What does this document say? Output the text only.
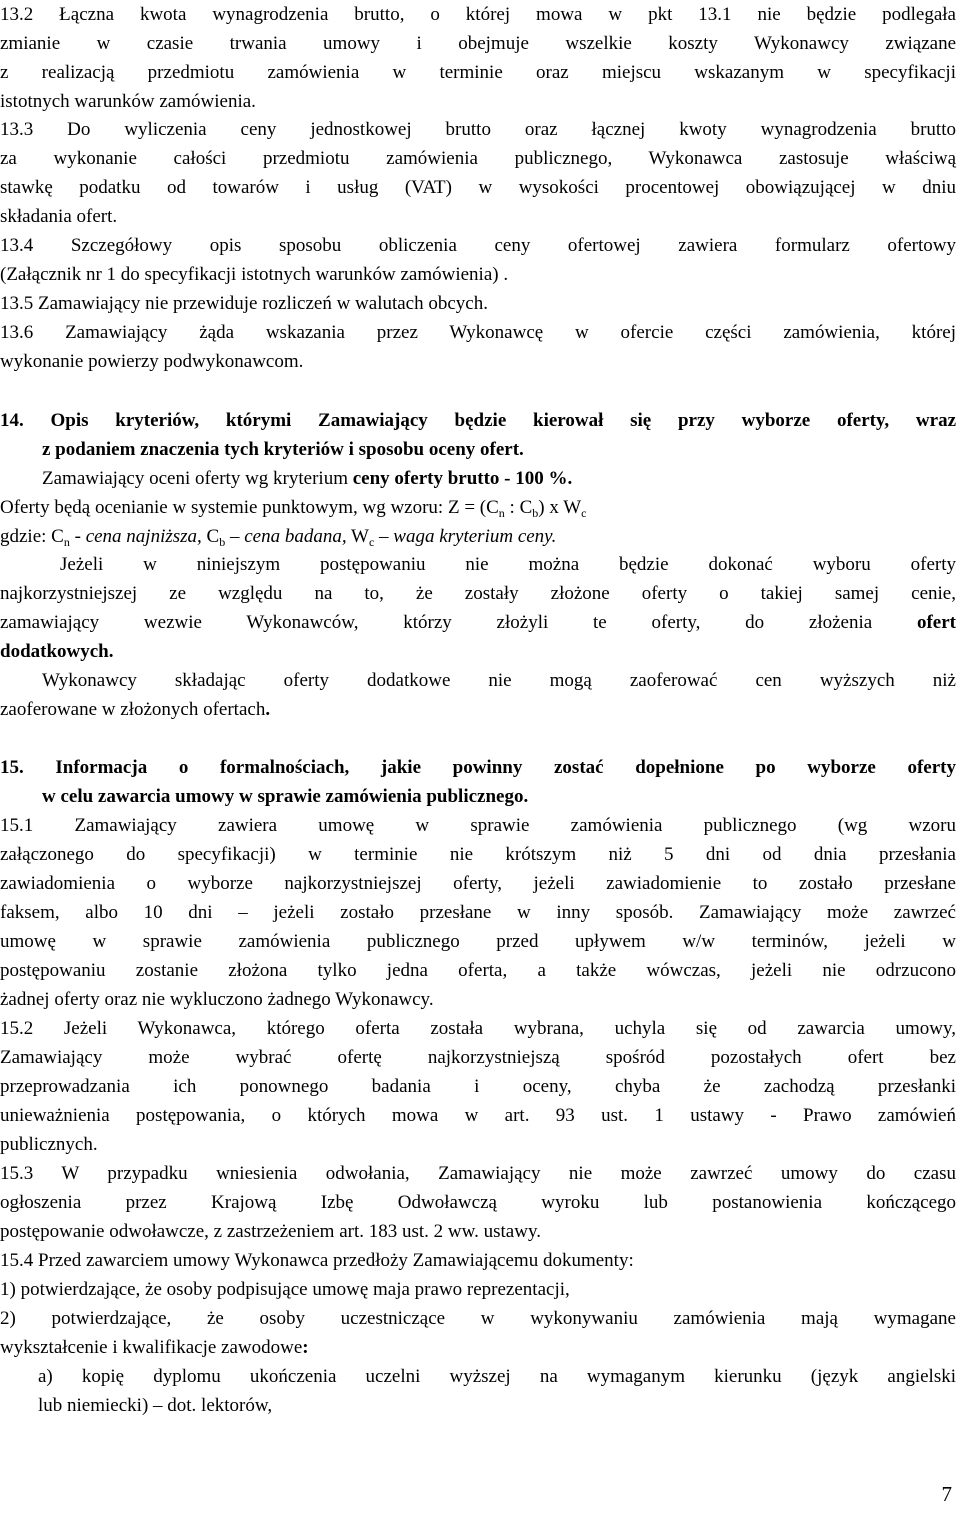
13.2 Łączna kwota wynagrodzenia brutto, o której mowa w pkt 13.1 nie będzie podlegała
zmianie w czasie trwania umowy i obejmuje wszelkie koszty Wykonawcy związane
z realizacją przedmiotu zamówienia w terminie oraz miejscu wskazanym w specyfikacji
istotnych warunków zamówienia.
13.3 Do wyliczenia ceny jednostkowej brutto oraz łącznej kwoty wynagrodzenia brutto
za wykonanie całości przedmiotu zamówienia publicznego, Wykonawca zastosuje właściwą
stawkę podatku od towarów i usług (VAT) w wysokości procentowej obowiązującej w dniu
składania ofert.
13.4 Szczegółowy opis sposobu obliczenia ceny ofertowej zawiera formularz ofertowy
(Załącznik nr 1 do specyfikacji istotnych warunków zamówienia) .
13.5 Zamawiający nie przewiduje rozliczeń w walutach obcych.
13.6 Zamawiający żąda wskazania przez Wykonawcę w ofercie części zamówienia, której
wykonanie powierzy podwykonawcom.
14. Opis kryteriów, którymi Zamawiający będzie kierował się przy wyborze oferty, wraz
z podaniem znaczenia tych kryteriów i sposobu oceny ofert.
Zamawiający oceni oferty wg kryterium ceny oferty brutto - 100 %.
Oferty będą ocenianie w systemie punktowym, wg wzoru: $Z = (C_n$ : $C_b$) x $W_c$
gdzie: $C_n$ - cena najniższa, $C_b$ – cena badana, $W_c$ – waga kryterium ceny.
Jeżeli w niniejszym postępowaniu nie można będzie dokonać wyboru oferty
najkorzystniejszej ze względu na to, że zostały złożone oferty o takiej samej cenie,
zamawiający wezwie Wykonawców, którzy złożyli te oferty, do złożenia ofert
dodatkowych.
Wykonawcy składając oferty dodatkowe nie mogą zaoferować cen wyższych niż
zaoferowane w złożonych ofertach.
15. Informacja o formalnościach, jakie powinny zostać dopełnione po wyborze oferty
w celu zawarcia umowy w sprawie zamówienia publicznego.
15.1 Zamawiający zawiera umowę w sprawie zamówienia publicznego (wg wzoru
załączonego do specyfikacji) w terminie nie krótszym niż 5 dni od dnia przesłania
zawiadomienia o wyborze najkorzystniejszej oferty, jeżeli zawiadomienie to zostało przesłane
faksem, albo 10 dni – jeżeli zostało przesłane w inny sposób. Zamawiający może zawrzeć
umowę w sprawie zamówienia publicznego przed upływem w/w terminów, jeżeli w
postępowaniu zostanie złożona tylko jedna oferta, a także wówczas, jeżeli nie odrzucono
żadnej oferty oraz nie wykluczono żadnego Wykonawcy.
15.2 Jeżeli Wykonawca, którego oferta została wybrana, uchyla się od zawarcia umowy,
Zamawiający może wybrać ofertę najkorzystniejszą spośród pozostałych ofert bez
przeprowadzania ich ponownego badania i oceny, chyba że zachodzą przesłanki
unieważnienia postępowania, o których mowa w art. 93 ust. 1 ustawy - Prawo zamówień
publicznych.
15.3 W przypadku wniesienia odwołania, Zamawiający nie może zawrzeć umowy do czasu
ogłoszenia przez Krajową Izbę Odwoławczą wyroku lub postanowienia kończącego
postępowanie odwoławcze, z zastrzeżeniem art. 183 ust. 2 ww. ustawy.
15.4 Przed zawarciem umowy Wykonawca przedłoży Zamawiającemu dokumenty:
1) potwierdzające, że osoby podpisujące umowę maja prawo reprezentacji,
2) potwierdzające, że osoby uczestniczące w wykonywaniu zamówienia mają wymagane
wykształcenie i kwalifikacje zawodowe:
a) kopię dyplomu ukończenia uczelni wyższej na wymaganym kierunku (język angielski
lub niemiecki) – dot. lektorów,
7
